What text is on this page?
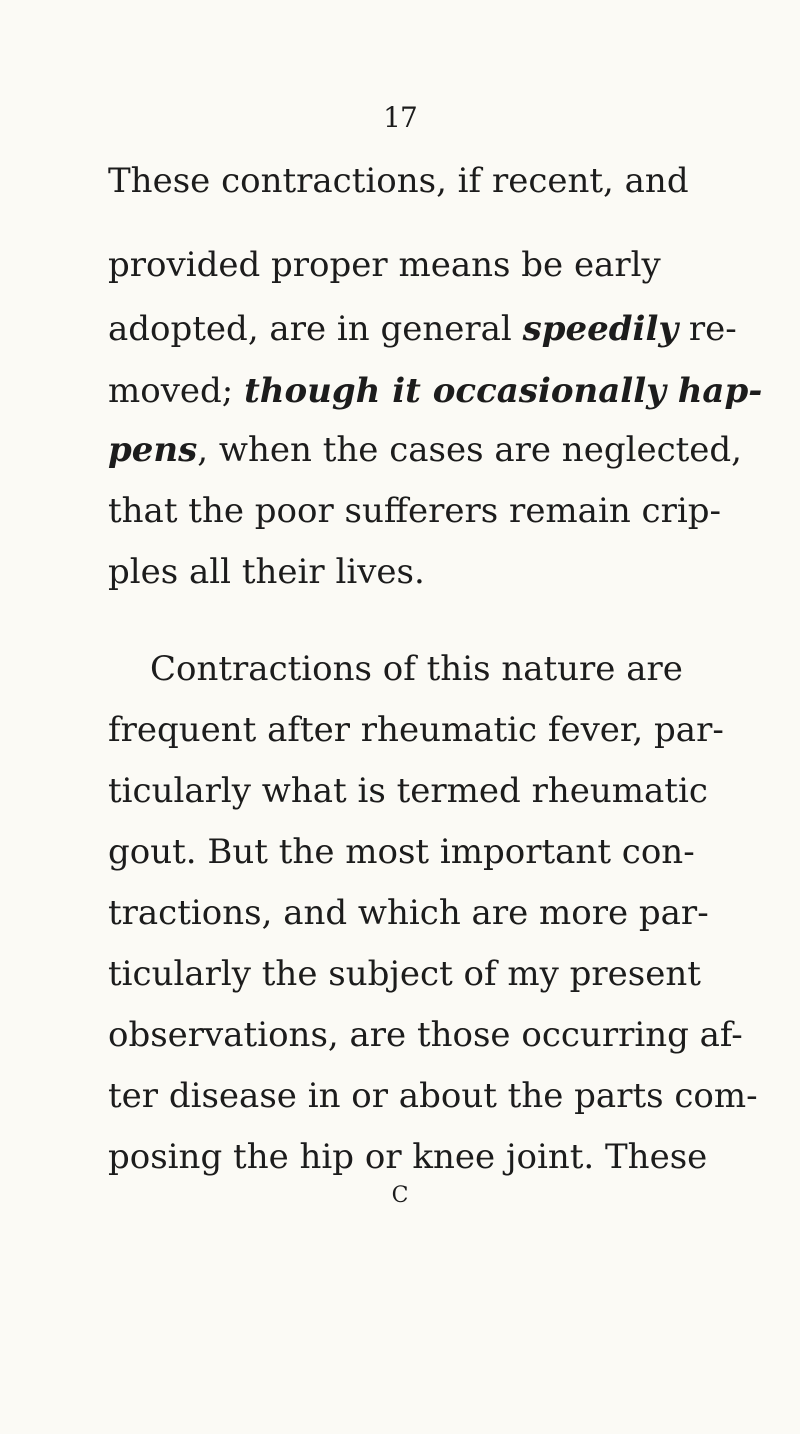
17
These contractions, if recent, and
provided proper means be early
adopted, are in general speedily re-
moved; though it occasionally hap-
pens, when the cases are neglected,
that the poor sufferers remain crip-
ples all their lives.
Contractions of this nature are
frequent after rheumatic fever, par-
ticularly what is termed rheumatic
gout. But the most important con-
tractions, and which are more par-
ticularly the subject of my present
observations, are those occurring af-
ter disease in or about the parts com-
posing the hip or knee joint. These
C
